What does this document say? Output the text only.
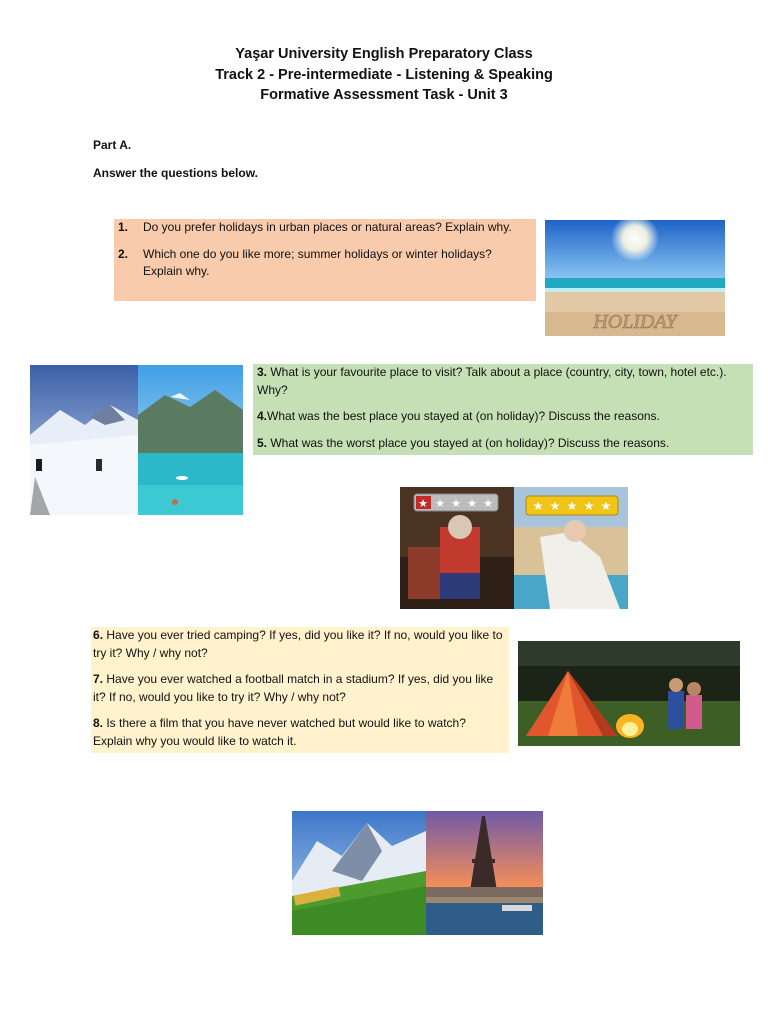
Yaşar University English Preparatory Class
Track 2 - Pre-intermediate - Listening & Speaking
Formative Assessment Task - Unit 3
Part A.
Answer the questions below.
1.	Do you prefer holidays in urban places or natural areas? Explain why.
2.	Which one do you like more; summer holidays or winter holidays? Explain why.
HOLIDAY

3. What is your favourite place to visit? Talk about a place (country, city, town, hotel etc.). Why?

4.What was the best place you stayed at (on holiday)? Discuss the reasons.

5. What was the worst place you stayed at (on holiday)? Discuss the reasons.

★ ★ ★ ★ ★	★ ★ ★ ★ ★

6. Have you ever tried camping? If yes, did you like it? If no, would you like to try it? Why / why not?

7. Have you ever watched a football match in a stadium? If yes, did you like it? If no, would you like to try it? Why / why not?

8. Is there a film that you have never watched but would like to watch? Explain why you would like to watch it.
